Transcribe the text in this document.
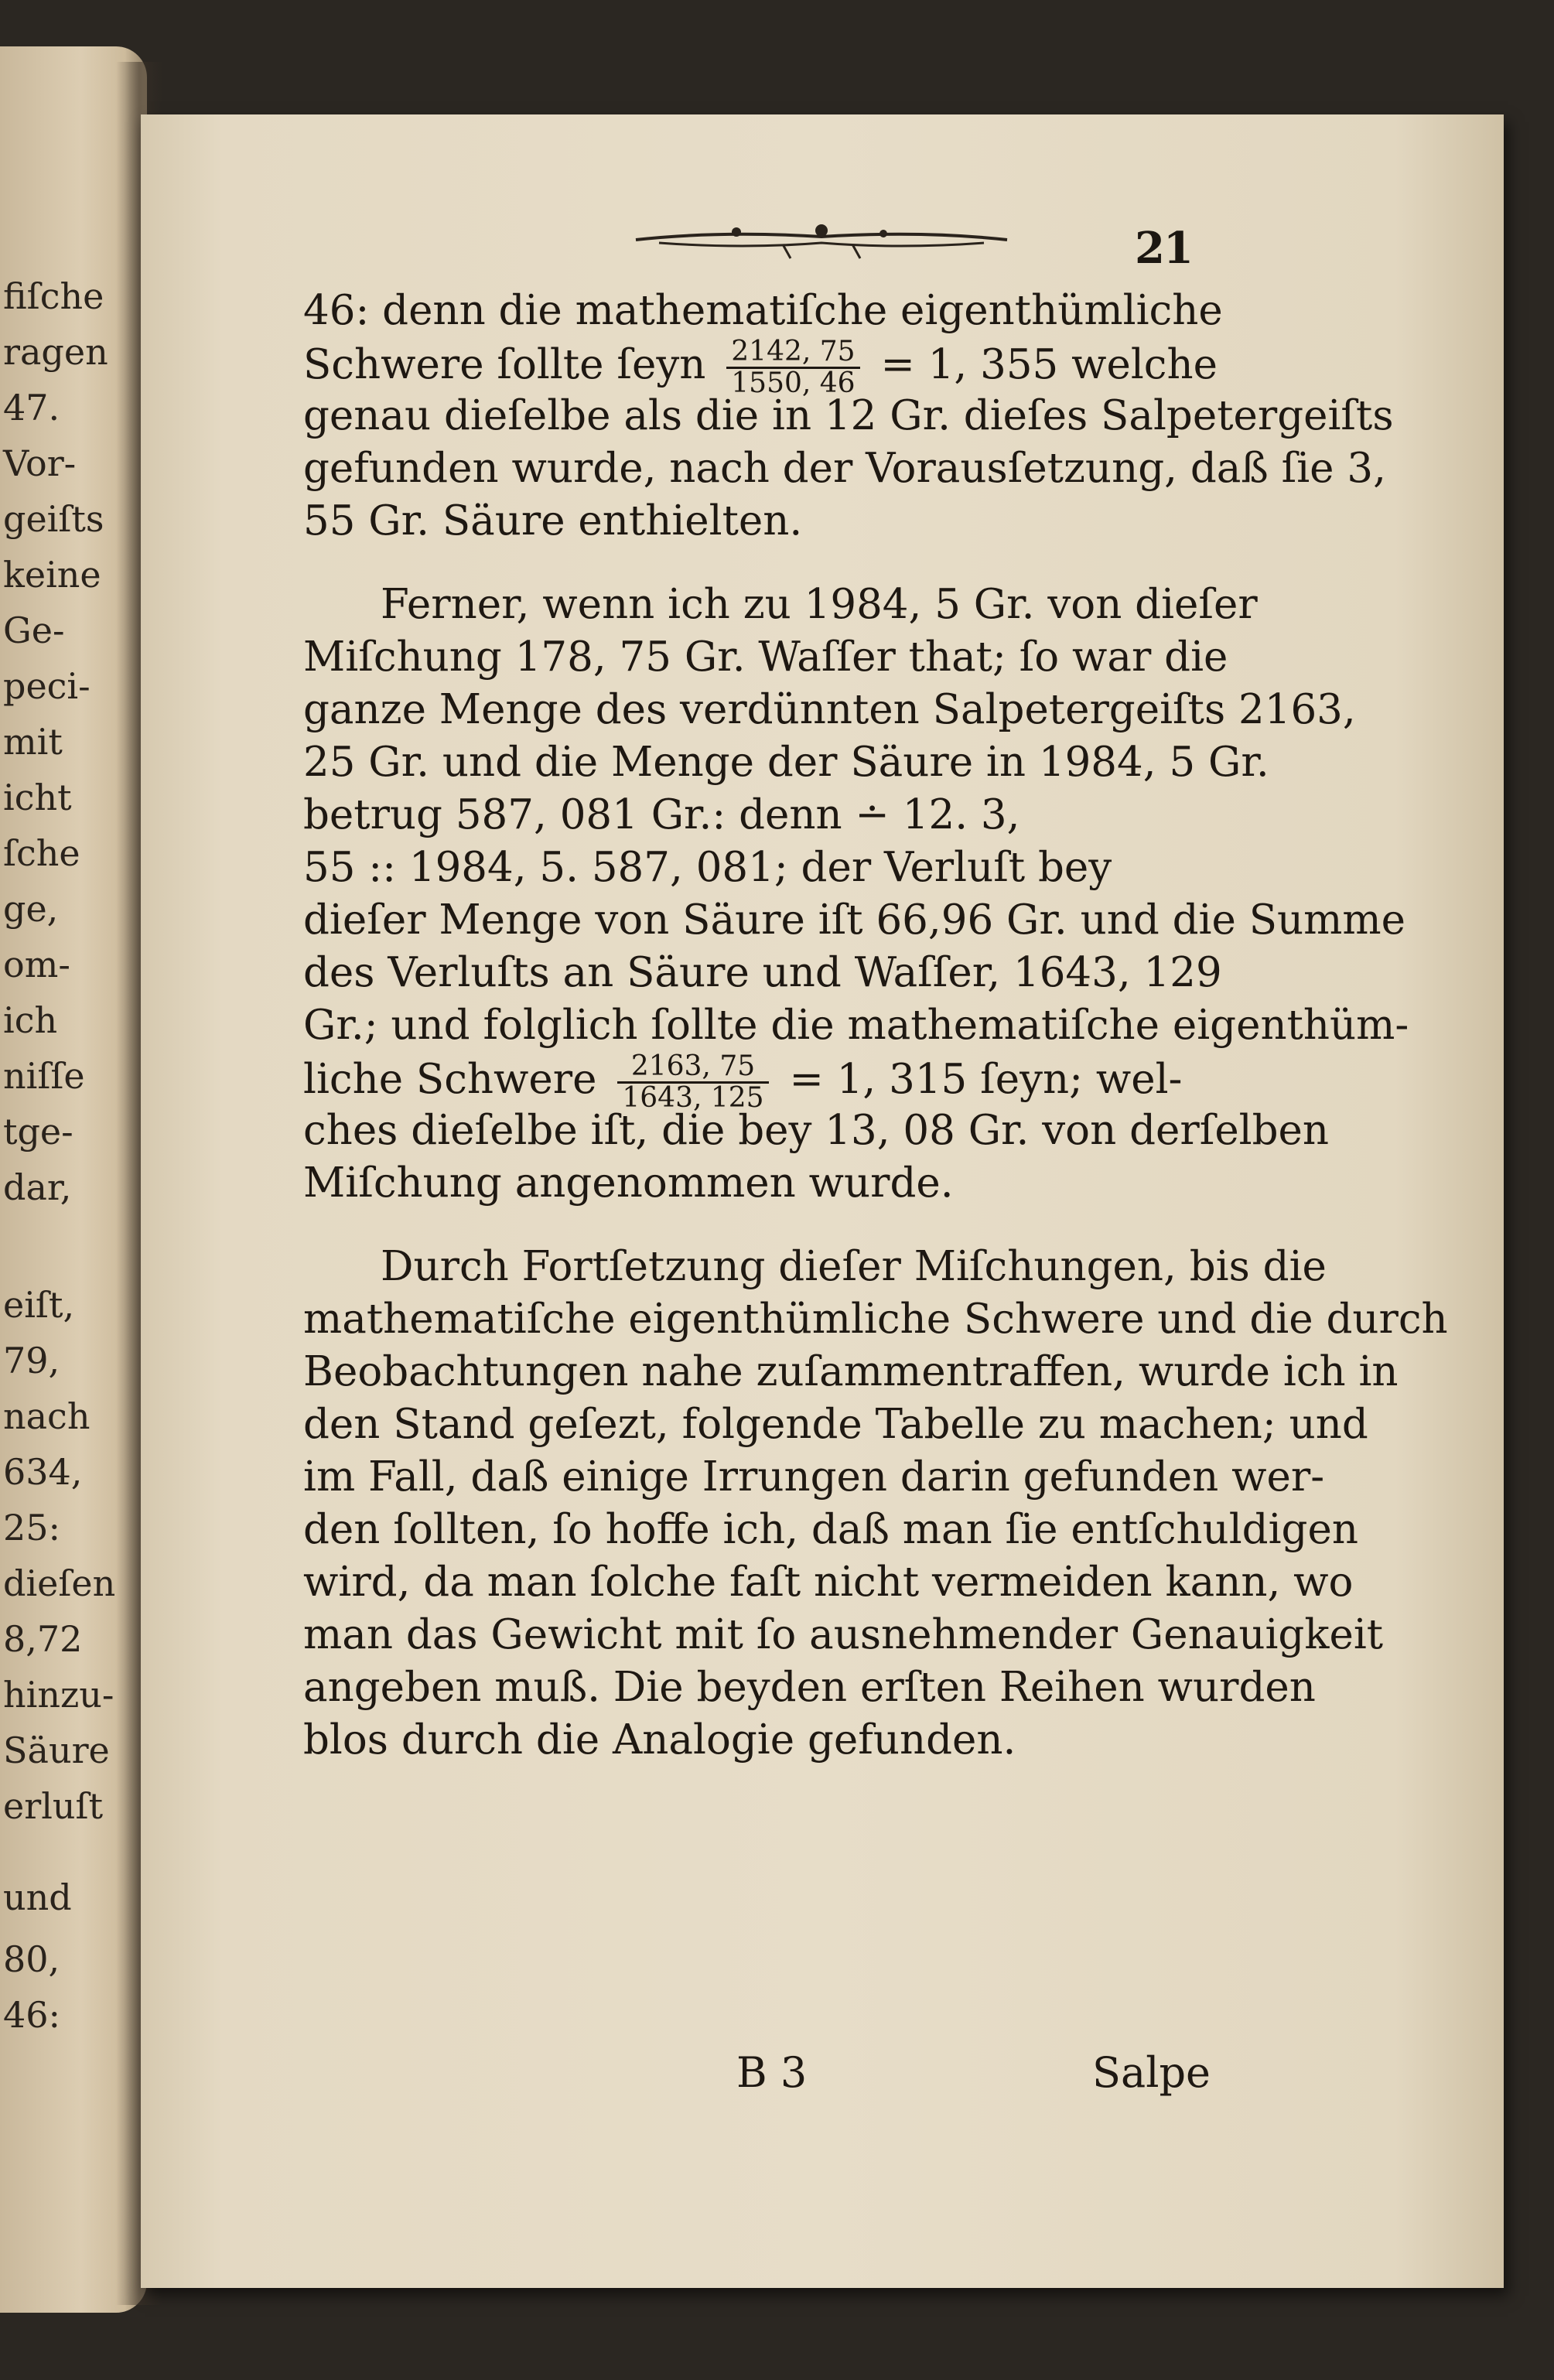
ﬁſche
ragen
47.
Vor-
geiſts
keine
Ge-
peci-
mit
icht
ſche
ge,
om-
ich
niſſe
tge-
dar,
eiſt,
79,
nach
634,
25:
dieſen
8,72
hinzu-
Säure
erluſt
und
80,
46:
21
46: denn die mathematiſche eigenthümliche
Schwere ſollte ſeyn $\frac{2142, 75}{1550, 46} = 1$, 355 welche
genau dieſelbe als die in 12 Gr. dieſes Salpetergeiſts
gefunden wurde, nach der Vorausſetzung, daß ſie 3,
55 Gr. Säure enthielten.
Ferner, wenn ich zu 1984, 5 Gr. von dieſer
Miſchung 178, 75 Gr. Waſſer that; ſo war die
ganze Menge des verdünnten Salpetergeiſts 2163,
25 Gr. und die Menge der Säure in 1984, 5 Gr.
betrug 587, 081 Gr.: denn ∸ 12. 3,
55 :: 1984, 5. 587, 081; der Verluſt bey
dieſer Menge von Säure iſt 66,96 Gr. und die Summe
des Verluſts an Säure und Waſſer, 1643, 129
Gr.; und folglich ſollte die mathematiſche eigenthüm-
liche Schwere $\frac{2163, 75}{1643, 125} = 1$, 315 ſeyn; wel-
ches dieſelbe iſt, die bey 13, 08 Gr. von derſelben
Miſchung angenommen wurde.
Durch Fortſetzung dieſer Miſchungen, bis die
mathematiſche eigenthümliche Schwere und die durch
Beobachtungen nahe zuſammentraffen, wurde ich in
den Stand geſezt, folgende Tabelle zu machen; und
im Fall, daß einige Irrungen darin gefunden wer-
den ſollten, ſo hoffe ich, daß man ſie entſchuldigen
wird, da man ſolche faſt nicht vermeiden kann, wo
man das Gewicht mit ſo ausnehmender Genauigkeit
angeben muß. Die beyden erſten Reihen wurden
blos durch die Analogie gefunden.
B 3	Salpe
